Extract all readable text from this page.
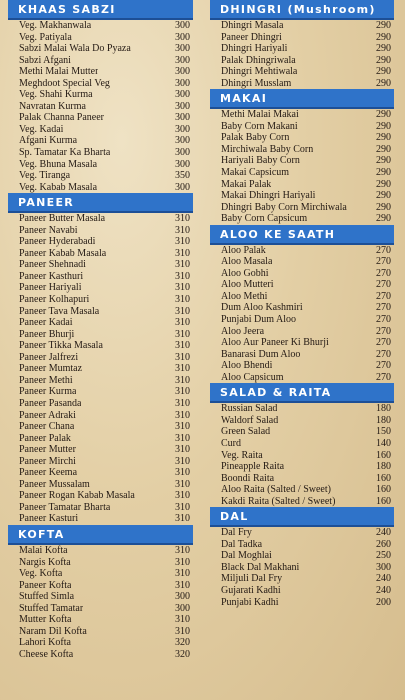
KHAAS SABZI
Veg. Makhanwala	300
Veg. Patiyala	300
Sabzi Malai Wala Do Pyaza	300
Sabzi Afgani	300
Methi Malai Mutter	300
Meghdoot Special Veg	300
Veg. Shahi Kurma	300
Navratan Kurma	300
Palak Channa Paneer	300
Veg. Kadai	300
Afgani Kurma	300
Sp. Tamatar Ka Bharta	300
Veg. Bhuna Masala	300
Veg. Tiranga	350
Veg. Kabab Masala	300
PANEER
Paneer Butter Masala	310
Paneer Navabi	310
Paneer Hyderabadi	310
Paneer Kabab Masala	310
Paneer Shehnadi	310
Paneer Kasthuri	310
Paneer Hariyali	310
Paneer Kolhapuri	310
Paneer Tava Masala	310
Paneer Kadai	310
Paneer Bhurji	310
Paneer Tikka Masala	310
Paneer Jalfrezi	310
Paneer Mumtaz	310
Paneer Methi	310
Paneer Kurma	310
Paneer Pasanda	310
Paneer Adraki	310
Paneer Chana	310
Paneer Palak	310
Paneer Mutter	310
Paneer Mirchi	310
Paneer Keema	310
Paneer Mussalam	310
Paneer Rogan Kabab Masala	310
Paneer Tamatar Bharta	310
Paneer Kasturi	310
KOFTA
Malai Kofta	310
Nargis Kofta	310
Veg. Kofta	310
Paneer Kofta	310
Stuffed Simla	300
Stuffed Tamatar	300
Mutter Kofta	310
Naram Dil Kofta	310
Lahori Kofta	320
Cheese Kofta	320
DHINGRI (Mushroom)
Dhingri Masala	290
Paneer Dhingri	290
Dhingri Hariyali	290
Palak Dhingriwala	290
Dhingri Mehtiwala	290
Dhingri Musslam	290
MAKAI
Methi Malai Makai	290
Baby Corn Makani	290
Palak Baby Corn	290
Mirchiwala Baby Corn	290
Hariyali Baby Corn	290
Makai Capsicum	290
Makai Palak	290
Makai Dhingri Hariyali	290
Dhingri Baby Corn Mirchiwala	290
Baby Corn Capsicum	290
ALOO KE SAATH
Aloo Palak	270
Aloo Masala	270
Aloo Gobhi	270
Aloo Mutteri	270
Aloo Methi	270
Dum Aloo Kashmiri	270
Punjabi Dum Aloo	270
Aloo Jeera	270
Aloo Aur Paneer Ki Bhurji	270
Banarasi Dum Aloo	270
Aloo Bhendi	270
Aloo Capsicum	270
SALAD & RAITA
Russian Salad	180
Waldorf Salad	180
Green Salad	150
Curd	140
Veg. Raita	160
Pineapple Raita	180
Boondi Raita	160
Aloo Raita (Salted / Sweet)	160
Kakdi Raita (Salted / Sweet)	160
DAL
Dal Fry	240
Dal Tadka	260
Dal Moghlai	250
Black Dal Makhani	300
Miljuli Dal Fry	240
Gujarati Kadhi	240
Punjabi Kadhi	200
